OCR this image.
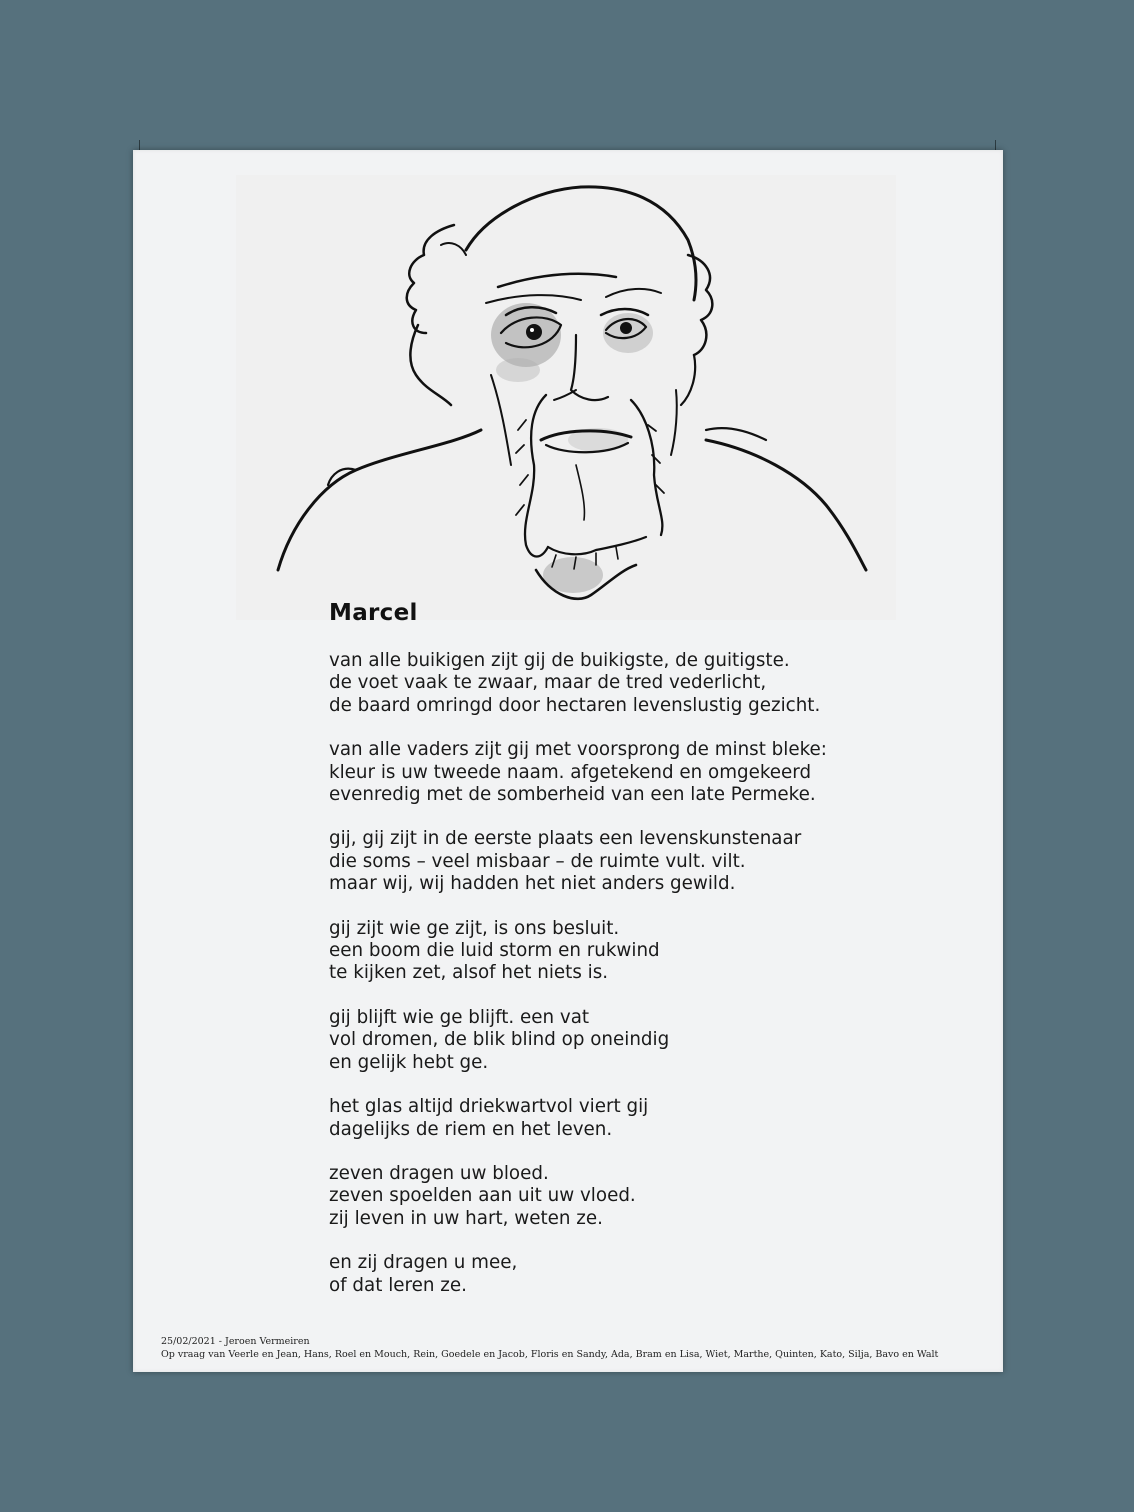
Marcel
van alle buikigen zijt gij de buikigste, de guitigste.
de voet vaak te zwaar, maar de tred vederlicht,
de baard omringd door hectaren levenslustig gezicht.
van alle vaders zijt gij met voorsprong de minst bleke:
kleur is uw tweede naam. afgetekend en omgekeerd
evenredig met de somberheid van een late Permeke.
gij, gij zijt in de eerste plaats een levenskunstenaar
die soms – veel misbaar – de ruimte vult. vilt.
maar wij, wij hadden het niet anders gewild.
gij zijt wie ge zijt, is ons besluit.
een boom die luid storm en rukwind
te kijken zet, alsof het niets is.
gij blijft wie ge blijft. een vat
vol dromen, de blik blind op oneindig
en gelijk hebt ge.
het glas altijd driekwartvol viert gij
dagelijks de riem en het leven.
zeven dragen uw bloed.
zeven spoelden aan uit uw vloed.
zij leven in uw hart, weten ze.
en zij dragen u mee,
of dat leren ze.
25/02/2021 - Jeroen Vermeiren
Op vraag van Veerle en Jean, Hans, Roel en Mouch, Rein, Goedele en Jacob, Floris en Sandy, Ada, Bram en Lisa, Wiet, Marthe, Quinten, Kato, Silja, Bavo en Walt
